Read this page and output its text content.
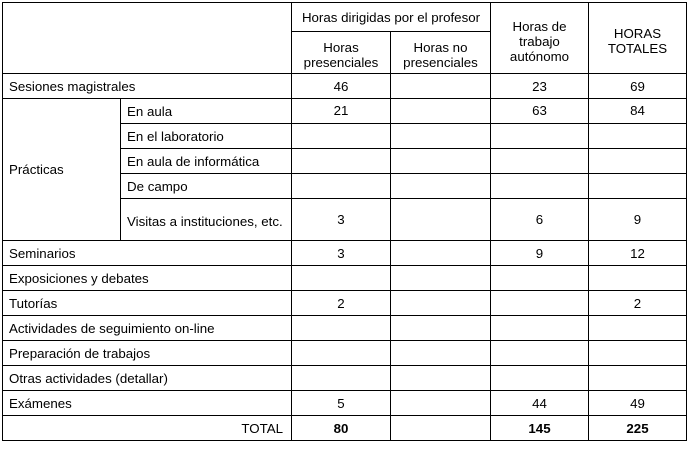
		Horas dirigidas por el profesor		Horas de trabajo autónomo	HORAS TOTALES
		Horas presenciales	Horas no presenciales		
Sesiones magistrales		46		23	69
Prácticas	En aula	21		63	84
	En el laboratorio				
	En aula de informática				
	De campo				
	Visitas a instituciones, etc.	3		6	9
Seminarios		3		9	12
Exposiciones y debates					
Tutorías		2			2
Actividades de seguimiento on-line					
Preparación de trabajos					
Otras actividades (detallar)					
Exámenes		5		44	49
TOTAL		80		145	225
